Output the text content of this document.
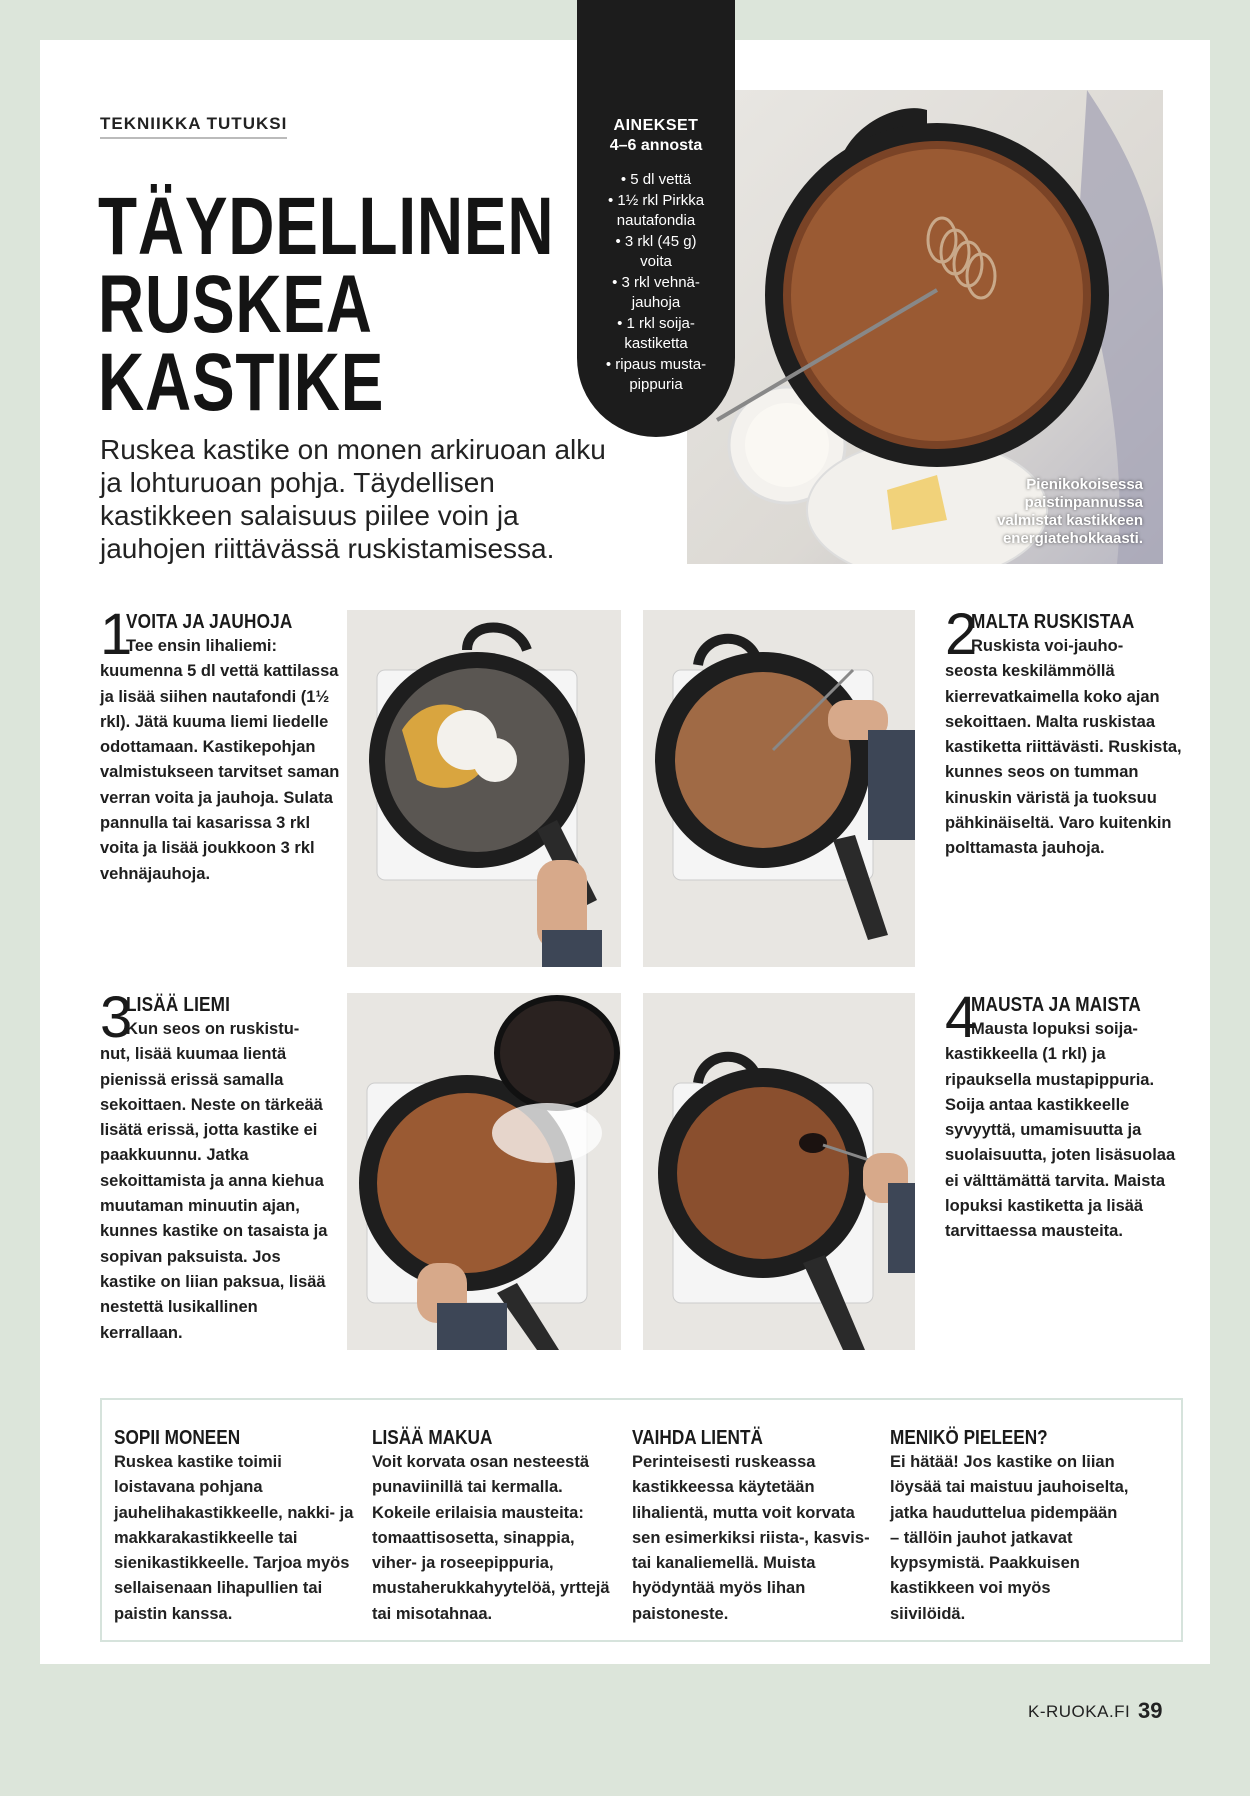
TEKNIIKKA TUTUKSI
TÄYDELLINEN
RUSKEA
KASTIKE
Ruskea kastike on monen arkiruoan alku ja lohturuoan pohja. Täydellisen kastikkeen salaisuus piilee voin ja jauhojen riittävässä ruskistamisessa.
Pienikokoisessa paistinpannussa valmistat kastikkeen energiatehokkaasti.
AINEKSET
4–6 annosta
• 5 dl vettä
• 1½ rkl Pirkka
nautafondia
• 3 rkl (45 g)
voita
• 3 rkl vehnä-
jauhoja
• 1 rkl soija-
kastiketta
• ripaus musta-
pippuria
1
VOITA JA JAUHOJA
Tee ensin lihaliemi:
kuumenna 5 dl vettä kattilassa ja lisää siihen nautafondi (1½ rkl). Jätä kuuma liemi liedelle odottamaan. Kastikepohjan valmistukseen tarvitset saman verran voita ja jauhoja. Sulata pannulla tai kasarissa 3 rkl voita ja lisää joukkoon 3 rkl vehnäjauhoja.
2
MALTA RUSKISTAA
Ruskista voi-jauho-
seosta keskilämmöllä kierrevatkaimella koko ajan sekoittaen. Malta ruskistaa kastiketta riittävästi. Ruskista, kunnes seos on tumman kinuskin väristä ja tuoksuu pähkinäiseltä. Varo kuitenkin polttamasta jauhoja.
3
LISÄÄ LIEMI
Kun seos on ruskistu-
nut, lisää kuumaa lientä pienissä erissä samalla sekoittaen. Neste on tärkeää lisätä erissä, jotta kastike ei paakkuunnu. Jatka sekoittamista ja anna kiehua muutaman minuutin ajan, kunnes kastike on tasaista ja sopivan paksuista. Jos kastike on liian paksua, lisää nestettä lusikallinen kerrallaan.
4
MAUSTA JA MAISTA
Mausta lopuksi soija-
kastikkeella (1 rkl) ja ripauksella mustapippuria. Soija antaa kastikkeelle syvyyttä, umamisuutta ja suolaisuutta, joten lisäsuolaa ei välttämättä tarvita. Maista lopuksi kastiketta ja lisää tarvittaessa mausteita.
SOPII MONEEN
Ruskea kastike toimii loistavana pohjana jauhelihakastikkeelle, nakki- ja makkarakastikkeelle tai sienikastikkeelle. Tarjoa myös sellaisenaan lihapullien tai paistin kanssa.
LISÄÄ MAKUA
Voit korvata osan nesteestä punaviinillä tai kermalla. Kokeile erilaisia mausteita: tomaattisosetta, sinappia, viher- ja roseepippuria, mustaherukkahyytelöä, yrttejä tai misotahnaa.
VAIHDA LIENTÄ
Perinteisesti ruskeassa kastikkeessa käytetään lihalientä, mutta voit korvata sen esimerkiksi riista-, kasvis- tai kanaliemellä. Muista hyödyntää myös lihan paistoneste.
MENIKÖ PIELEEN?
Ei hätää! Jos kastike on liian löysää tai maistuu jauhoiselta, jatka haudutteluа pidempään – tällöin jauhot jatkavat kypsymistä. Paakkuisen kastikkeen voi myös siivilöidä.
K-RUOKA.FI 39
